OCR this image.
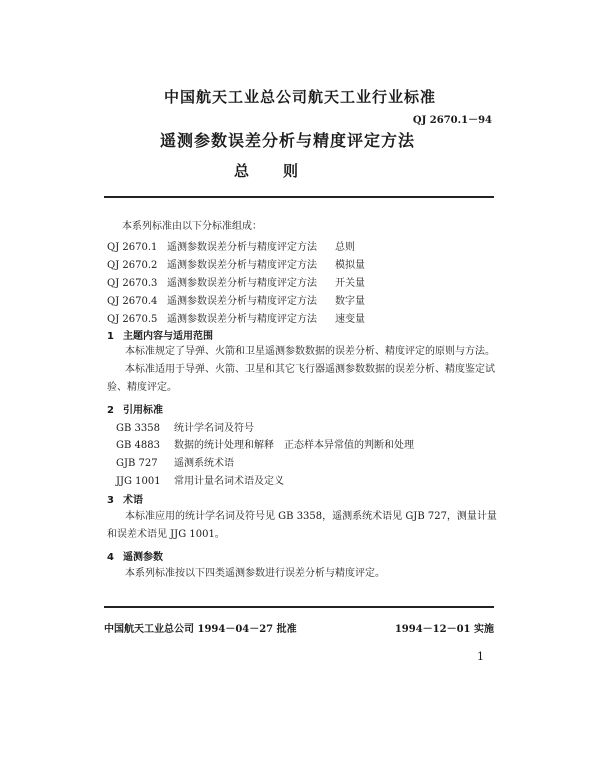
中国航天工业总公司航天工业行业标准
QJ 2670.1－94
遥测参数误差分析与精度评定方法
总 则
本系列标准由以下分标准组成：
QJ 2670.1 遥测参数误差分析与精度评定方法 总则
QJ 2670.2 遥测参数误差分析与精度评定方法 模拟量
QJ 2670.3 遥测参数误差分析与精度评定方法 开关量
QJ 2670.4 遥测参数误差分析与精度评定方法 数字量
QJ 2670.5 遥测参数误差分析与精度评定方法 速变量
1 主题内容与适用范围
本标准规定了导弹、火箭和卫星遥测参数数据的误差分析、精度评定的原则与方法。
本标准适用于导弹、火箭、卫星和其它飞行器遥测参数数据的误差分析、精度鉴定试验、精度评定。
2 引用标准
GB 3358 统计学名词及符号
GB 4883 数据的统计处理和解释　正态样本异常值的判断和处理
GJB 727 遥测系统术语
JJG 1001 常用计量名词术语及定义
3 术语
本标准应用的统计学名词及符号见 GB 3358，遥测系统术语见 GJB 727，测量计量和误差术语见 JJG 1001。
4 遥测参数
本系列标准按以下四类遥测参数进行误差分析与精度评定。
中国航天工业总公司 1994－04－27 批准	1994－12－01 实施
1
